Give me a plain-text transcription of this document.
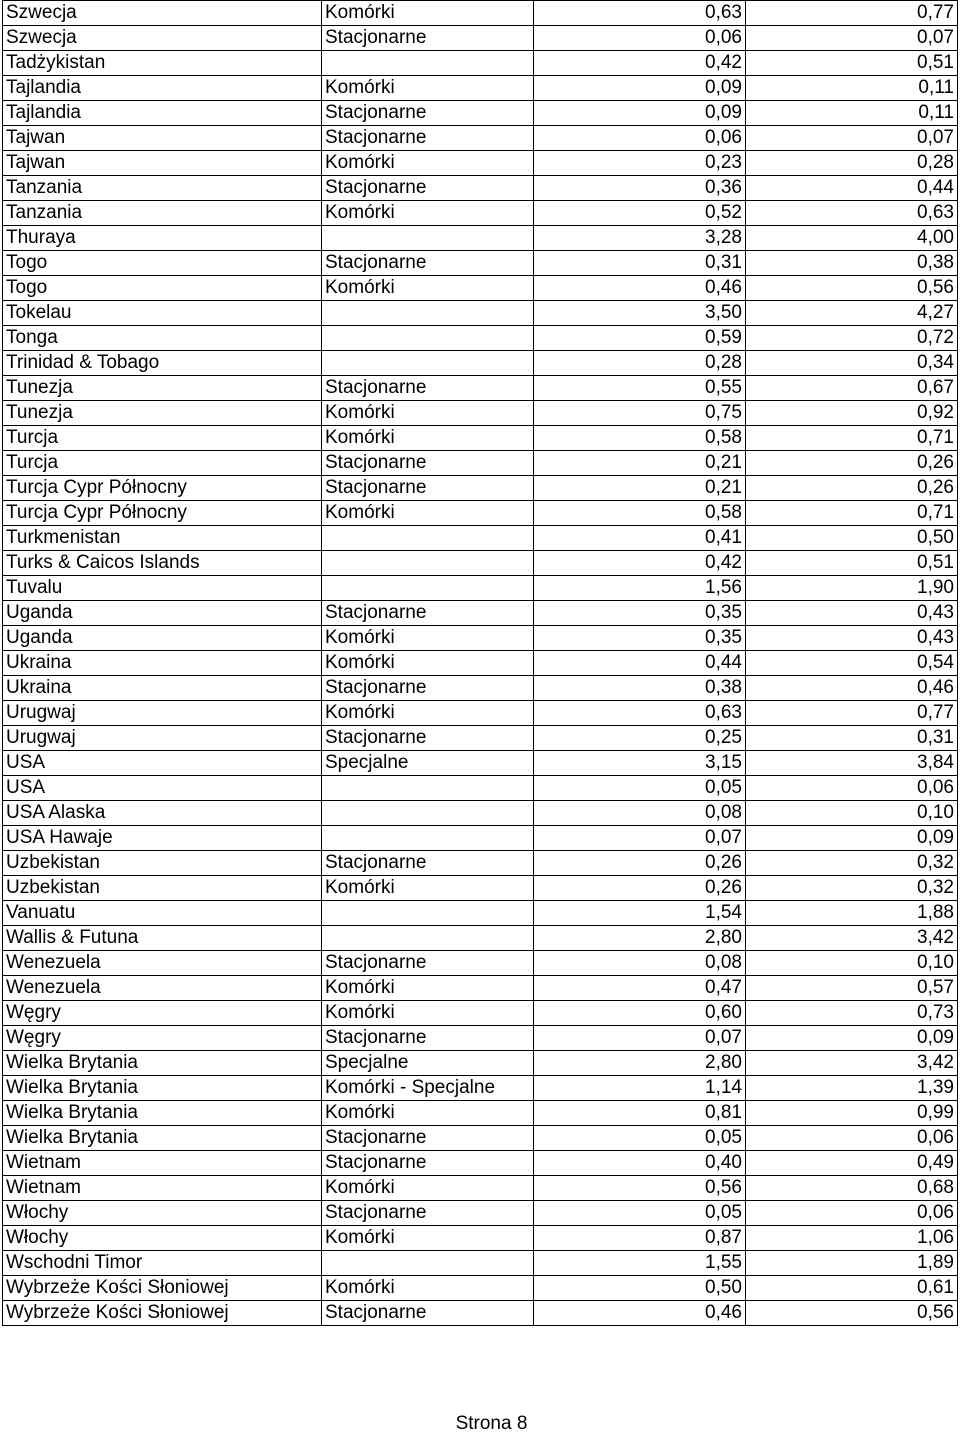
Szwecja	Komórki	0,63	0,77
Szwecja	Stacjonarne	0,06	0,07
Tadżykistan		0,42	0,51
Tajlandia	Komórki	0,09	0,11
Tajlandia	Stacjonarne	0,09	0,11
Tajwan	Stacjonarne	0,06	0,07
Tajwan	Komórki	0,23	0,28
Tanzania	Stacjonarne	0,36	0,44
Tanzania	Komórki	0,52	0,63
Thuraya		3,28	4,00
Togo	Stacjonarne	0,31	0,38
Togo	Komórki	0,46	0,56
Tokelau		3,50	4,27
Tonga		0,59	0,72
Trinidad & Tobago		0,28	0,34
Tunezja	Stacjonarne	0,55	0,67
Tunezja	Komórki	0,75	0,92
Turcja	Komórki	0,58	0,71
Turcja	Stacjonarne	0,21	0,26
Turcja Cypr Północny	Stacjonarne	0,21	0,26
Turcja Cypr Północny	Komórki	0,58	0,71
Turkmenistan		0,41	0,50
Turks & Caicos Islands		0,42	0,51
Tuvalu		1,56	1,90
Uganda	Stacjonarne	0,35	0,43
Uganda	Komórki	0,35	0,43
Ukraina	Komórki	0,44	0,54
Ukraina	Stacjonarne	0,38	0,46
Urugwaj	Komórki	0,63	0,77
Urugwaj	Stacjonarne	0,25	0,31
USA	Specjalne	3,15	3,84
USA		0,05	0,06
USA Alaska		0,08	0,10
USA Hawaje		0,07	0,09
Uzbekistan	Stacjonarne	0,26	0,32
Uzbekistan	Komórki	0,26	0,32
Vanuatu		1,54	1,88
Wallis & Futuna		2,80	3,42
Wenezuela	Stacjonarne	0,08	0,10
Wenezuela	Komórki	0,47	0,57
Węgry	Komórki	0,60	0,73
Węgry	Stacjonarne	0,07	0,09
Wielka Brytania	Specjalne	2,80	3,42
Wielka Brytania	Komórki - Specjalne	1,14	1,39
Wielka Brytania	Komórki	0,81	0,99
Wielka Brytania	Stacjonarne	0,05	0,06
Wietnam	Stacjonarne	0,40	0,49
Wietnam	Komórki	0,56	0,68
Włochy	Stacjonarne	0,05	0,06
Włochy	Komórki	0,87	1,06
Wschodni Timor		1,55	1,89
Wybrzeże Kości Słoniowej	Komórki	0,50	0,61
Wybrzeże Kości Słoniowej	Stacjonarne	0,46	0,56
Strona 8
